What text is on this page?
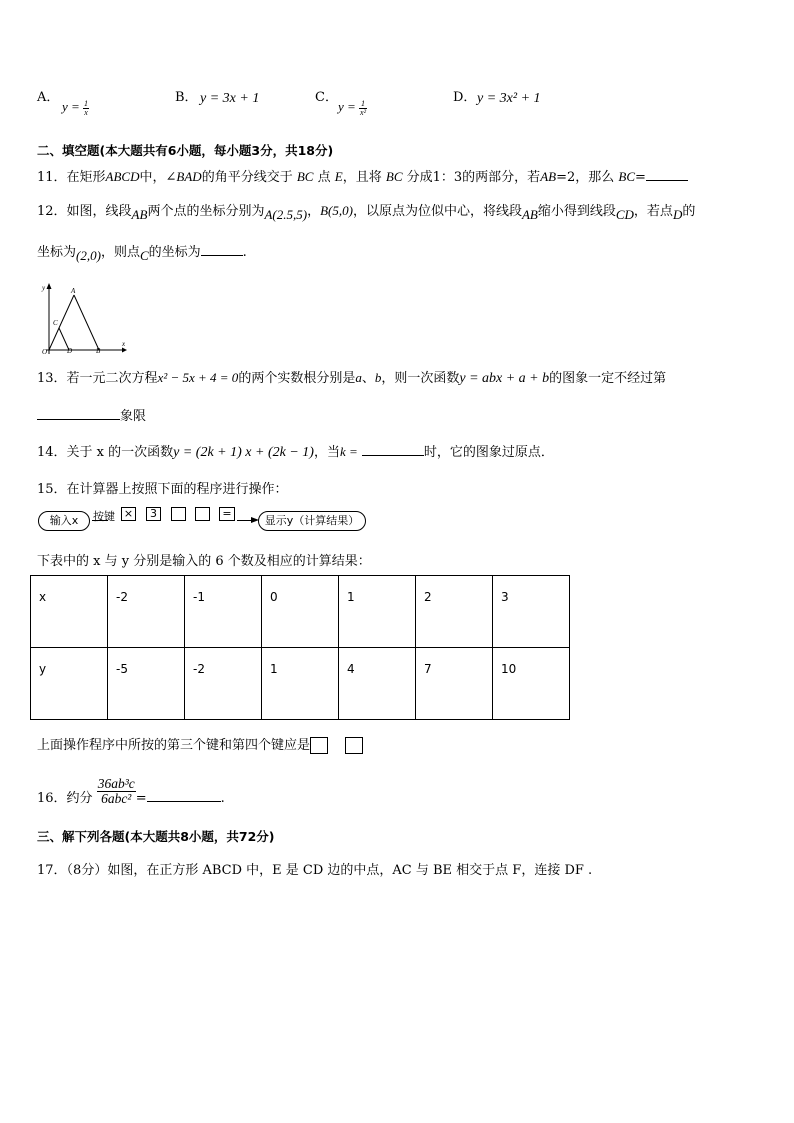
A．
$y = \frac{1}{x}$
B． y = 3x + 1	C．
$y = \frac{1}{\text{x²}}$
D． y = 3x² + 1
二、填空题(本大题共有6小题，每小题3分，共18分)
11．在矩形ABCD中，∠BAD的角平分线交于 BC 点 E，且将 BC 分成1：3的两部分，若AB=2，那么 BC=
12．如图，线段AB两个点的坐标分别为A(2.5,5)，B(5,0)，以原点为位似中心，将线段AB缩小得到线段CD，若点D的
坐标为(2,0)，则点C的坐标为	.
y
x
O
A
C
D	B
13．若一元二次方程x² − 5x + 4 = 0的两个实数根分别是a、b，则一次函数y = abx + a + b的图象一定不经过第
象限
14．关于 x 的一次函数y = (2k + 1) x + (2k − 1)，当k =	时，它的图象过原点．
15．在计算器上按照下面的程序进行操作：
输入x	按键 ×	3	=
显示y（计算结果）
下表中的 x 与 y 分别是输入的 6 个数及相应的计算结果：
x	-2	-1	0	1	2	3
y	-5	-2	1	4	7	10
上面操作程序中所按的第三个键和第四个键应是
16．约分 $\frac{\text{36ab³c}}{\text{6abc²}}$ =	.
三、解下列各题(本大题共8小题，共72分)
17．（8分）如图，在正方形 ABCD 中，E 是 CD 边的中点，AC 与 BE 相交于点 F，连接 DF .
